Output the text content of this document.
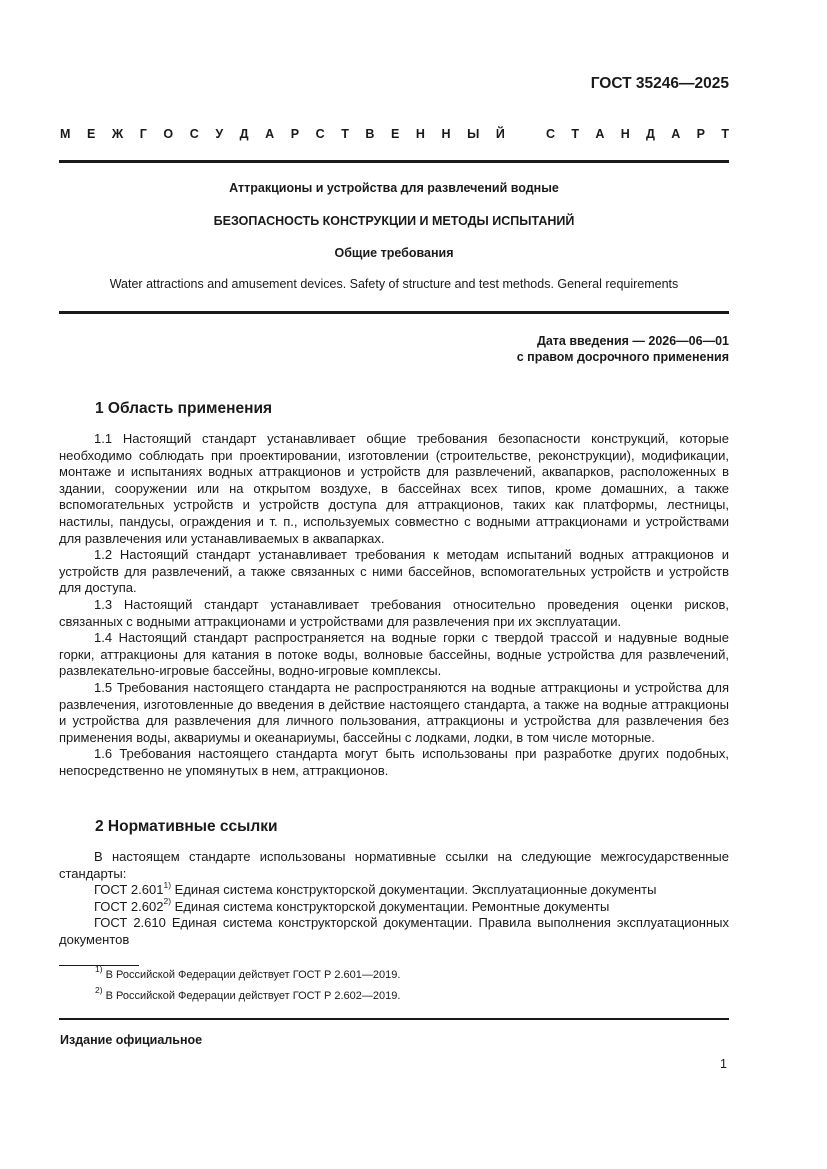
ГОСТ 35246—2025
М Е Ж Г О С У Д А Р С Т В Е Н Н Ы Й	С Т А Н Д А Р Т
Аттракционы и устройства для развлечений водные
БЕЗОПАСНОСТЬ КОНСТРУКЦИИ И МЕТОДЫ ИСПЫТАНИЙ
Общие требования
Water attractions and amusement devices. Safety of structure and test methods. General requirements
Дата введения — 2026—06—01
с правом досрочного применения
1 Область применения

1.1 Настоящий стандарт устанавливает общие требования безопасности конструкций, которые необходимо соблюдать при проектировании, изготовлении (строительстве, реконструкции), модификации, монтаже и испытаниях водных аттракционов и устройств для развлечений, аквапарков, расположенных в здании, сооружении или на открытом воздухе, в бассейнах всех типов, кроме домашних, а также вспомогательных устройств и устройств доступа для аттракционов, таких как платформы, лестницы, настилы, пандусы, ограждения и т. п., используемых совместно с водными аттракционами и устройствами для развлечения или устанавливаемых в аквапарках.

1.2 Настоящий стандарт устанавливает требования к методам испытаний водных аттракционов и устройств для развлечений, а также связанных с ними бассейнов, вспомогательных устройств и устройств для доступа.

1.3 Настоящий стандарт устанавливает требования относительно проведения оценки рисков, связанных с водными аттракционами и устройствами для развлечения при их эксплуатации.

1.4 Настоящий стандарт распространяется на водные горки с твердой трассой и надувные водные горки, аттракционы для катания в потоке воды, волновые бассейны, водные устройства для развлечений, развлекательно-игровые бассейны, водно-игровые комплексы.

1.5 Требования настоящего стандарта не распространяются на водные аттракционы и устройства для развлечения, изготовленные до введения в действие настоящего стандарта, а также на водные аттракционы и устройства для развлечения для личного пользования, аттракционы и устройства для развлечения без применения воды, аквариумы и океанариумы, бассейны с лодками, лодки, в том числе моторные.

1.6 Требования настоящего стандарта могут быть использованы при разработке других подобных, непосредственно не упомянутых в нем, аттракционов.

2 Нормативные ссылки

В настоящем стандарте использованы нормативные ссылки на следующие межгосударственные стандарты:

ГОСТ 2.601$^{1)}$ Единая система конструкторской документации. Эксплуатационные документы

ГОСТ 2.602$^{2)}$ Единая система конструкторской документации. Ремонтные документы

ГОСТ 2.610 Единая система конструкторской документации. Правила выполнения эксплуатационных документов

$^{1)}$ В Российской Федерации действует ГОСТ Р 2.601—2019.
$^{2)}$ В Российской Федерации действует ГОСТ Р 2.602—2019.
Издание официальное
1
